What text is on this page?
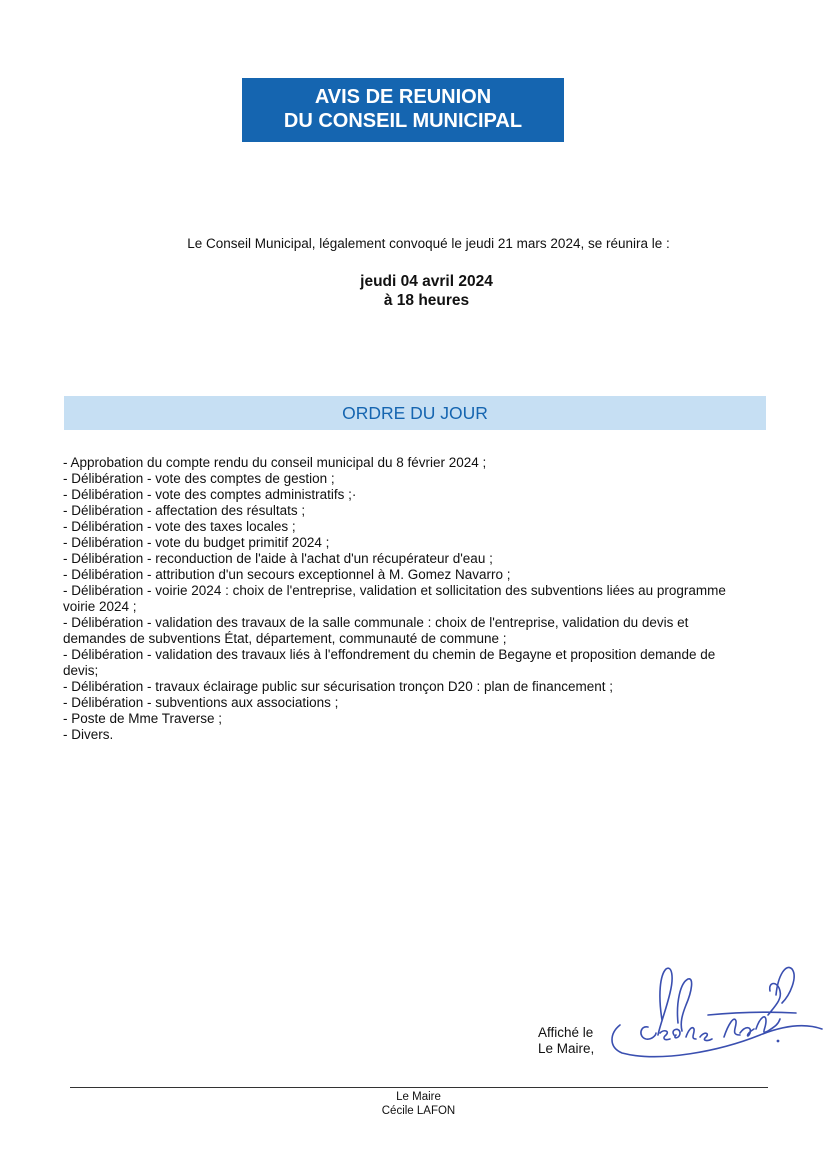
AVIS DE REUNION
DU CONSEIL MUNICIPAL
Le Conseil Municipal, légalement convoqué le jeudi 21 mars 2024, se réunira le :
jeudi 04 avril 2024
à 18 heures
ORDRE DU JOUR
- Approbation du compte rendu du conseil municipal du 8 février 2024 ;
- Délibération - vote des comptes de gestion ;
- Délibération - vote des comptes administratifs ;·
- Délibération - affectation des résultats ;
- Délibération - vote des taxes locales ;
- Délibération - vote du budget primitif 2024 ;
- Délibération - reconduction de l'aide à l'achat d'un récupérateur d'eau ;
- Délibération - attribution d'un secours exceptionnel à M. Gomez Navarro ;
- Délibération - voirie 2024 : choix de l'entreprise, validation et sollicitation des subventions liées au programme voirie 2024 ;
- Délibération - validation des travaux de la salle communale : choix de l'entreprise, validation du devis et demandes de subventions État, département, communauté de commune ;
- Délibération - validation des travaux liés à l'effondrement du chemin de Begayne et proposition demande de devis;
- Délibération - travaux éclairage public sur sécurisation tronçon D20 : plan de financement ;
- Délibération - subventions aux associations ;
- Poste de Mme Traverse ;
- Divers.
Affiché le
Le Maire,
Le Maire
Cécile LAFON
